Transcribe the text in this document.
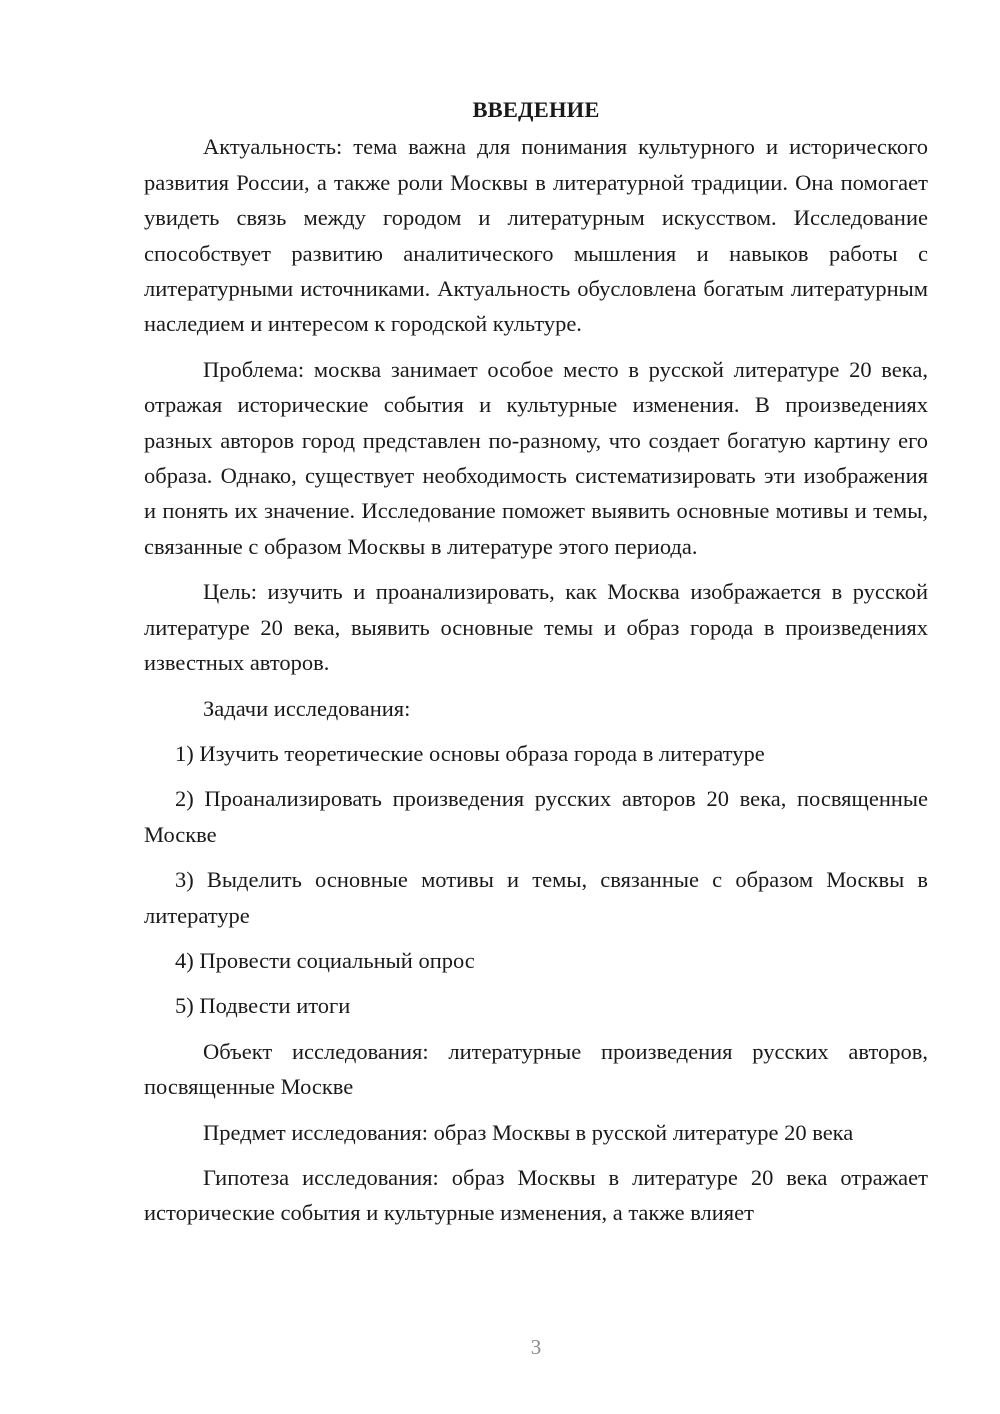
ВВЕДЕНИЕ

Актуальность: тема важна для понимания культурного и исторического развития России, а также роли Москвы в литературной традиции. Она помогает увидеть связь между городом и литературным искусством. Исследование способствует развитию аналитического мышления и навыков работы с литературными источниками. Актуальность обусловлена богатым литературным наследием и интересом к городской культуре.

Проблема: москва занимает особое место в русской литературе 20 века, отражая исторические события и культурные изменения. В произведениях разных авторов город представлен по-разному, что создает богатую картину его образа. Однако, существует необходимость систематизировать эти изображения и понять их значение. Исследование поможет выявить основные мотивы и темы, связанные с образом Москвы в литературе этого периода.

Цель: изучить и проанализировать, как Москва изображается в русской литературе 20 века, выявить основные темы и образ города в произведениях известных авторов.

Задачи исследования:

1) Изучить теоретические основы образа города в литературе

2) Проанализировать произведения русских авторов 20 века, посвященные Москве

3) Выделить основные мотивы и темы, связанные с образом Москвы в литературе

4) Провести социальный опрос

5) Подвести итоги

Объект исследования: литературные произведения русских авторов, посвященные Москве

Предмет исследования: образ Москвы в русской литературе 20 века

Гипотеза исследования: образ Москвы в литературе 20 века отражает исторические события и культурные изменения, а также влияет

3
